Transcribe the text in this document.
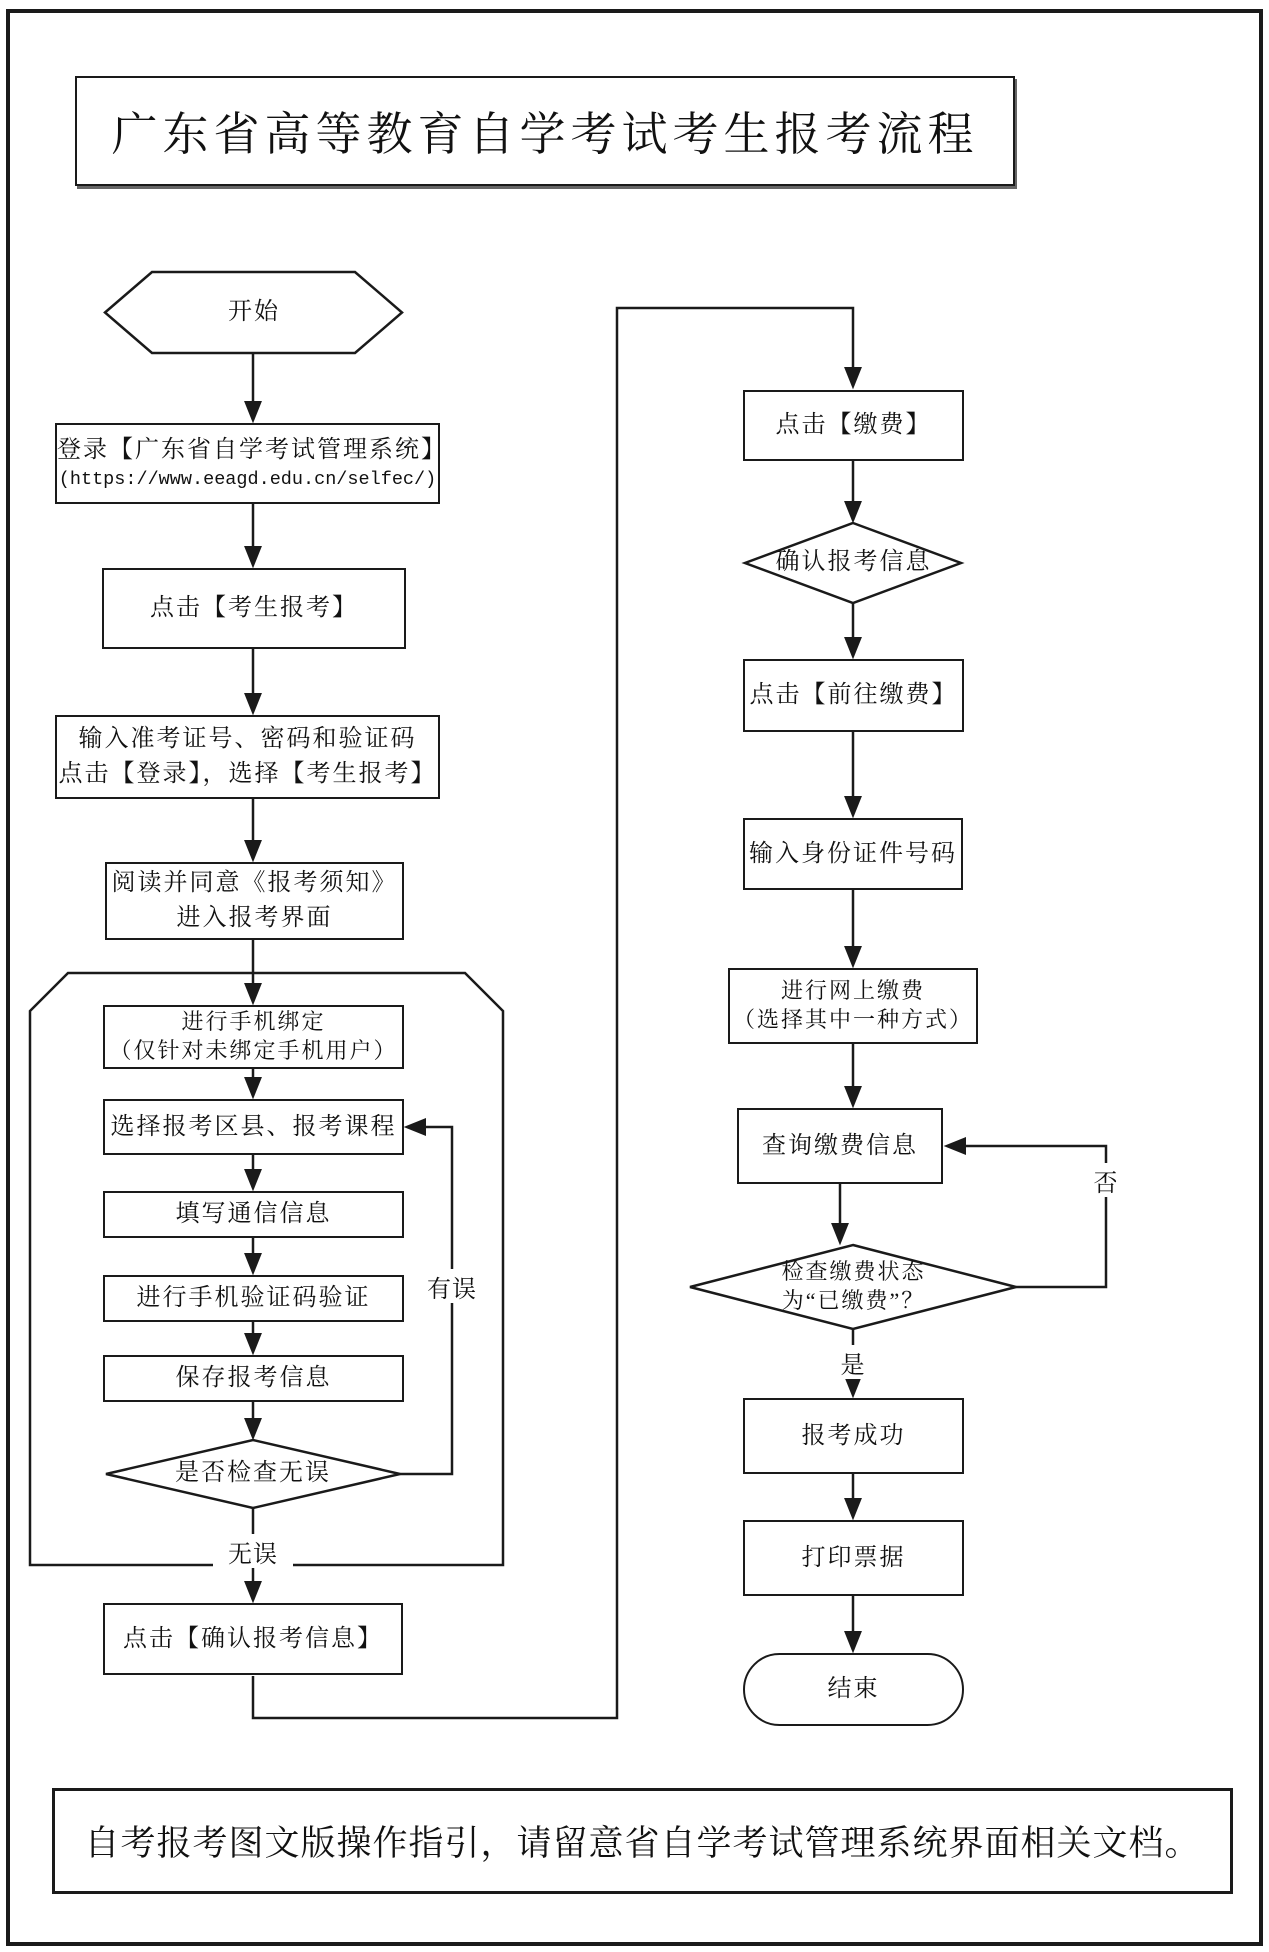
广东省高等教育自学考试考生报考流程
开始
登录【广东省自学考试管理系统】
(https://www.eeagd.edu.cn/selfec/)
点击【考生报考】
输入准考证号、密码和验证码
点击【登录】，选择【考生报考】
阅读并同意《报考须知》
进入报考界面
进行手机绑定
（仅针对未绑定手机用户）
选择报考区县、报考课程
填写通信信息
进行手机验证码验证
保存报考信息
是否检查无误
点击【确认报考信息】
点击【缴费】
确认报考信息
点击【前往缴费】
输入身份证件号码
进行网上缴费
（选择其中一种方式）
查询缴费信息
检查缴费状态
为“已缴费”？
报考成功
打印票据
结束
无误
有误
否
是
自考报考图文版操作指引，请留意省自学考试管理系统界面相关文档。
